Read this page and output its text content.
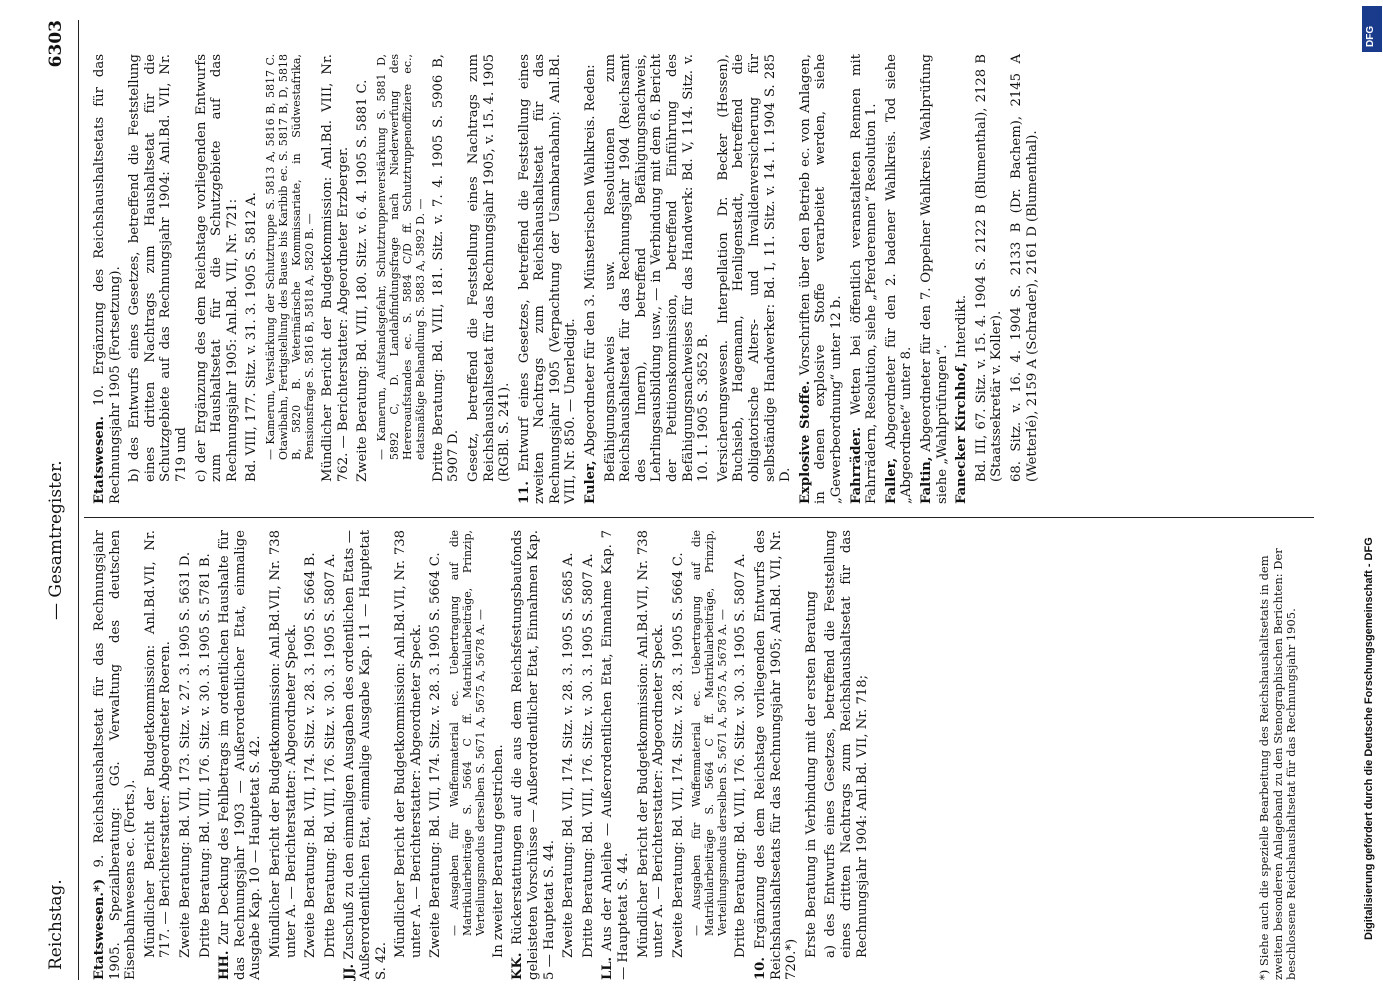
Reichstag.
— Gesamtregister.
6303
Etatswesen.*) 9. Reichshaushaltsetat für das Rechnungsjahr 1905. Spezialberatung: GG. Verwaltung des deutschen Eisenbahnwesens ec. (Forts.). Mündlicher Bericht der Budgetkommission: Anl.Bd.VII, Nr. 717. — Berichterstatter: Abgeordneter Roeren. Zweite Beratung: Bd. VII, 173. Sitz. v. 27. 3. 1905 S. 5631 D. Dritte Beratung: Bd. VIII, 176. Sitz. v. 30. 3. 1905 S. 5781 B.
HH. Zur Deckung des Fehlbetrags im ordentlichen Haushalte für das Rechnungsjahr 1903 — Außerordentlicher Etat, einmalige Ausgabe Kap. 10 — Hauptetat S. 42. Mündlicher Bericht der Budgetkommission: Anl.Bd.VII, Nr. 738 unter A. — Berichterstatter: Abgeordneter Speck. Zweite Beratung: Bd. VII, 174. Sitz. v. 28. 3. 1905 S. 5664 B. Dritte Beratung: Bd. VIII, 176. Sitz. v. 30. 3. 1905 S. 5807 A.
JJ. Zuschuß zu den einmaligen Ausgaben des ordentlichen Etats — Außerordentlichen Etat, einmalige Ausgabe Kap. 11 — Hauptetat S. 42.
Mündlicher Bericht der Budgetkommission: Anl.Bd.VII, Nr. 738 unter A. — Berichterstatter: Abgeordneter Speck. Zweite Beratung: Bd. VII, 174. Sitz. v. 28. 3. 1905 S. 5664 C. — Ausgaben für Waffenmaterial ec. Uebertragung auf die Matrikularbeiträge S. 5664 C ff. Matrikularbeiträge, Prinzip, Verteilungsmodus derselben S. 5671 A, 5675 A, 5678 A. — In zweiter Beratung gestrichen.
KK. Rückerstattungen auf die aus dem Reichsfestungsbaufonds geleisteten Vorschüsse — Außerordentlicher Etat, Einnahmen Kap. 5 — Hauptetat S. 44. Zweite Beratung: Bd. VII, 174. Sitz. v. 28. 3. 1905 S. 5685 A. Dritte Beratung: Bd. VIII, 176. Sitz. v. 30. 3. 1905 S. 5807 A.
LL. Aus der Anleihe — Außerordentlichen Etat, Einnahme Kap. 7 — Hauptetat S. 44. Mündlicher Bericht der Budgetkommission: Anl.Bd.VII, Nr. 738 unter A. — Berichterstatter: Abgeordneter Speck. Zweite Beratung: Bd. VII, 174. Sitz. v. 28. 3. 1905 S. 5664 C. — Ausgaben für Waffenmaterial ec. Uebertragung auf die Matrikularbeiträge S. 5664 C ff. Matrikularbeiträge, Prinzip, Verteilungsmodus derselben S. 5671 A, 5675 A, 5678 A. — Dritte Beratung: Bd. VIII, 176. Sitz. v. 30. 3. 1905 S. 5807 A.
10. Ergänzung des dem Reichstage vorliegenden Entwurfs des Reichshaushaltsetats für das Rechnungsjahr 1905; Anl.Bd. VII, Nr. 720.*)
Erste Beratung in Verbindung mit der ersten Beratung a) des Entwurfs eines Gesetzes, betreffend die Feststellung eines dritten Nachtrags zum Reichshaushaltsetat für das Rechnungsjahr 1904: Anl.Bd. VII, Nr. 718;
Etatswesen. 10. Ergänzung des Reichshaushaltsetats für das Rechnungsjahr 1905 (Fortsetzung). b) des Entwurfs eines Gesetzes, betreffend die Feststellung eines dritten Nachtrags zum Haushaltsetat für die Schutzgebiete auf das Rechnungsjahr 1904: Anl.Bd. VII, Nr. 719 und c) der Ergänzung des dem Reichstage vorliegenden Entwurfs zum Haushaltsetat für die Schutzgebiete auf das Rechnungsjahr 1905: Anl.Bd. VII, Nr. 721: Bd. VIII, 177. Sitz. v. 31. 3. 1905 S. 5812 A. — Kamerun, Verstärkung der Schutztruppe S. 5813 A, 5816 B, 5817 C. Otawibahn, Fertigstellung des Baues bis Karibib ec. S. 5817 B, D, 5818 B, 5820 B. Veterinärische Kommissariate, in Südwestafrika, Pensionsfrage S. 5816 B, 5818 A, 5820 B. — Mündlicher Bericht der Budgetkommission: Anl.Bd. VIII, Nr. 762. — Berichterstatter: Abgeordneter Erzberger. Zweite Beratung: Bd. VIII, 180. Sitz. v. 6. 4. 1905 S. 5881 C. — Kamerun, Aufstandsgefahr, Schutztruppenverstärkung S. 5881 D, 5892 C, D. Landabfindungsfrage nach Niederwerfung des Hereroaufstandes ec. S. 5884 C/D ff. Schutztruppenoffiziere ec., etatsmäßige Behandlung S. 5883 A, 5892 D. — Dritte Beratung: Bd. VIII, 181. Sitz. v. 7. 4. 1905 S. 5906 B, 5907 D. Gesetz, betreffend die Feststellung eines Nachtrags zum Reichshaushaltsetat für das Rechnungsjahr 1905, v. 15. 4. 1905 (RGBl. S. 241).
11. Entwurf eines Gesetzes, betreffend die Feststellung eines zweiten Nachtrags zum Reichshaushaltsetat für das Rechnungsjahr 1905 (Verpachtung der Usambarabahn): Anl.Bd. VIII, Nr. 850. — Unerledigt. Euler, Abgeordneter für den 3. Münsterischen Wahlkreis. Reden: Befähigungsnachweis usw. Resolutionen zum Reichshaushaltsetat für das Rechnungsjahr 1904 (Reichsamt des Innern), betreffend Befähigungsnachweis, Lehrlingsausbildung usw., — in Verbindung mit dem 6. Bericht der Petitionskommission, betreffend Einführung des Befähigungsnachweises für das Handwerk: Bd. V, 114. Sitz. v. 10. 1. 1905 S. 3652 B. Versicherungswesen. Interpellation Dr. Becker (Hessen), Buchsieb, Hagemann, Henligenstadt, betreffend die obligatorische Alters- und Invalidenversicherung für selbständige Handwerker: Bd. I, 11. Sitz. v. 14. 1. 1904 S. 285 D. Explosive Stoffe. Vorschriften über den Betrieb ec. von Anlagen, in denen explosive Stoffe verarbeitet werden, siehe „Gewerbeordnung“ unter 12 b. Fahrräder. Wetten bei öffentlich veranstalteten Rennen mit Fahrrädern, Resolution, siehe „Pferderennen“ Resolution 1. Faller, Abgeordneter für den 2. badener Wahlkreis. Tod siehe „Abgeordnete“ unter 8. Faltin, Abgeordneter für den 7. Oppelner Wahlkreis. Wahlprüfung siehe „Wahlprüfungen“. Fanecker Kirchhof, Interdikt. Bd. III, 67. Sitz. v. 15. 4. 1904 S. 2122 B (Blumenthal), 2128 B (Staatssekretär v. Koller). 68. Sitz. v. 16. 4. 1904 S. 2133 B (Dr. Bachem), 2145 A (Wetterlé), 2159 A (Schrader), 2161 D (Blumenthal).
*) Siehe auch die spezielle Bearbeitung des Reichshaushaltsetats in dem zweiten besonderen Anlageband zu den Stenographischen Berichten: Der beschlossene Reichshaushaltsetat für das Rechnungsjahr 1905.
DFG
Digitalisierung gefördert durch die Deutsche Forschungsgemeinschaft - DFG
